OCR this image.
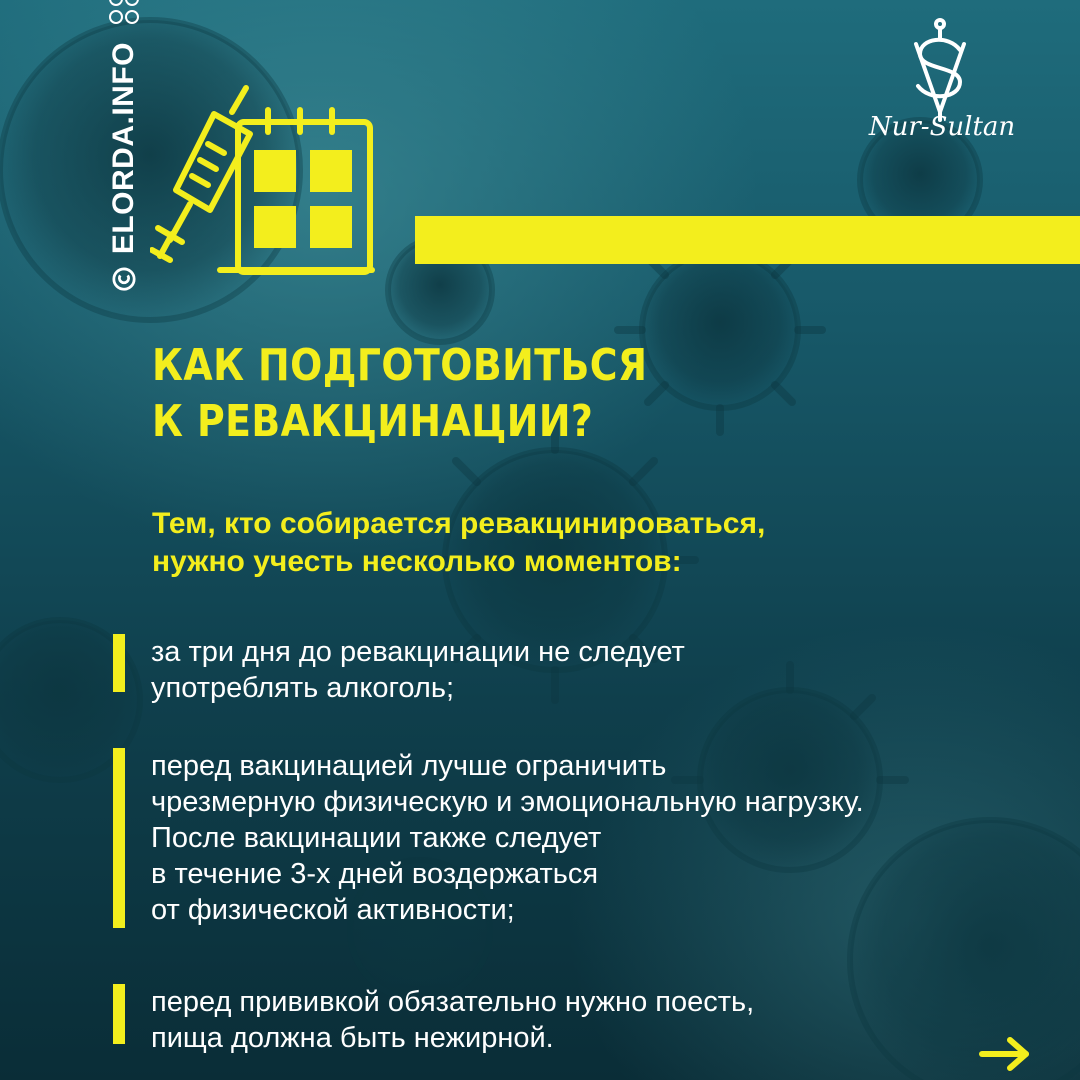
ELORDA.INFO	Nur-Sultan
КАК ПОДГОТОВИТЬСЯ
К РЕВАКЦИНАЦИИ?

Тем, кто собирается ревакцинироваться,
нужно учесть несколько моментов:

за три дня до ревакцинации не следует
употреблять алкоголь;
перед вакцинацией лучше ограничить
чрезмерную физическую и эмоциональную нагрузку.
После вакцинации также следует
в течение 3-х дней воздержаться
от физической активности;
перед прививкой обязательно нужно поесть,
пища должна быть нежирной.
